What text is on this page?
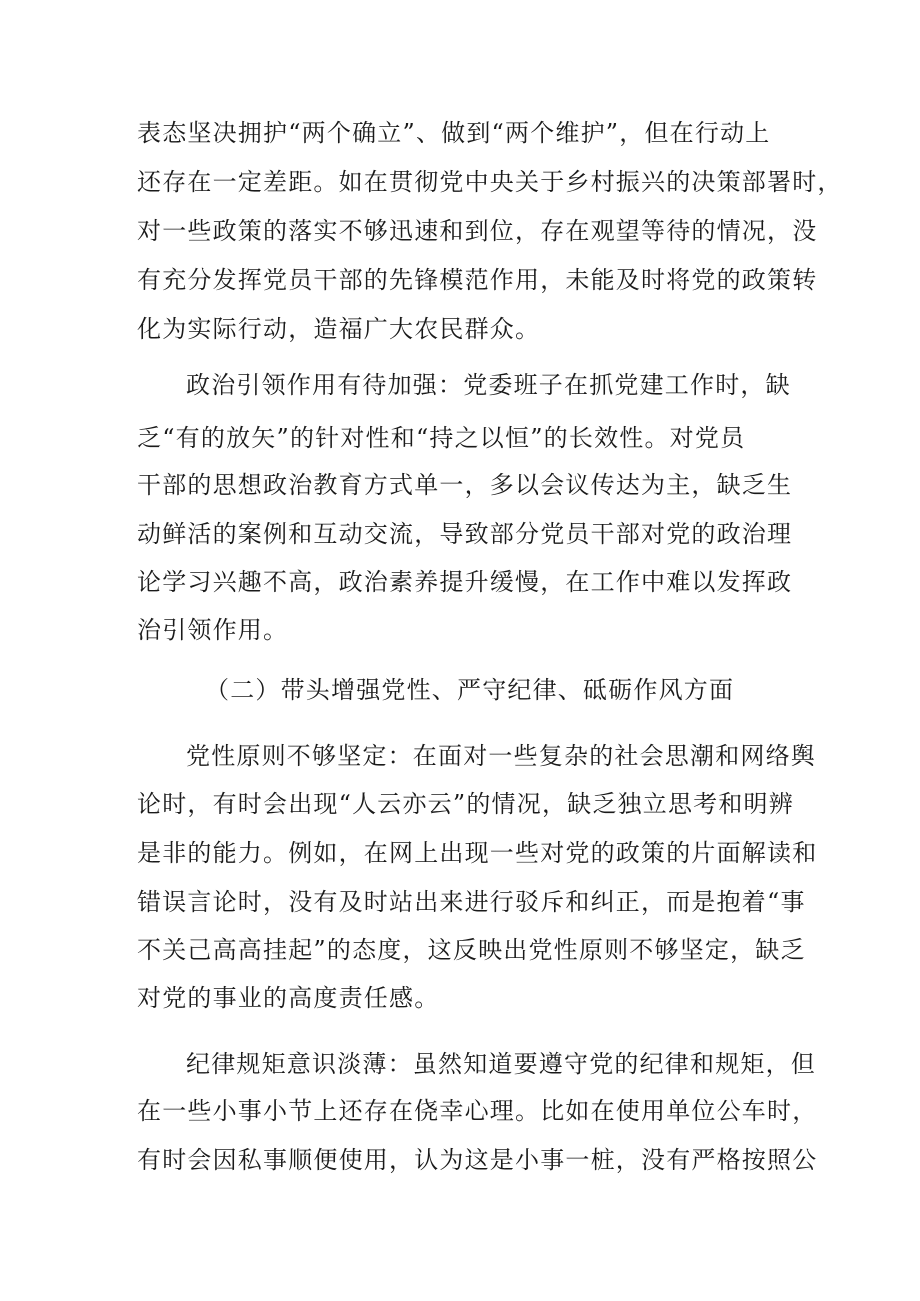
表态坚决拥护“两个确立”、做到“两个维护”，但在行动上
还存在一定差距。如在贯彻党中央关于乡村振兴的决策部署时，
对一些政策的落实不够迅速和到位，存在观望等待的情况，没
有充分发挥党员干部的先锋模范作用，未能及时将党的政策转
化为实际行动，造福广大农民群众。
政治引领作用有待加强：党委班子在抓党建工作时，缺
乏“有的放矢”的针对性和“持之以恒”的长效性。对党员
干部的思想政治教育方式单一，多以会议传达为主，缺乏生
动鲜活的案例和互动交流，导致部分党员干部对党的政治理
论学习兴趣不高，政治素养提升缓慢，在工作中难以发挥政
治引领作用。
（二）带头增强党性、严守纪律、砥砺作风方面
党性原则不够坚定：在面对一些复杂的社会思潮和网络舆
论时，有时会出现“人云亦云”的情况，缺乏独立思考和明辨
是非的能力。例如，在网上出现一些对党的政策的片面解读和
错误言论时，没有及时站出来进行驳斥和纠正，而是抱着“事
不关己高高挂起”的态度，这反映出党性原则不够坚定，缺乏
对党的事业的高度责任感。
纪律规矩意识淡薄：虽然知道要遵守党的纪律和规矩，但
在一些小事小节上还存在侥幸心理。比如在使用单位公车时，
有时会因私事顺便使用，认为这是小事一桩，没有严格按照公
